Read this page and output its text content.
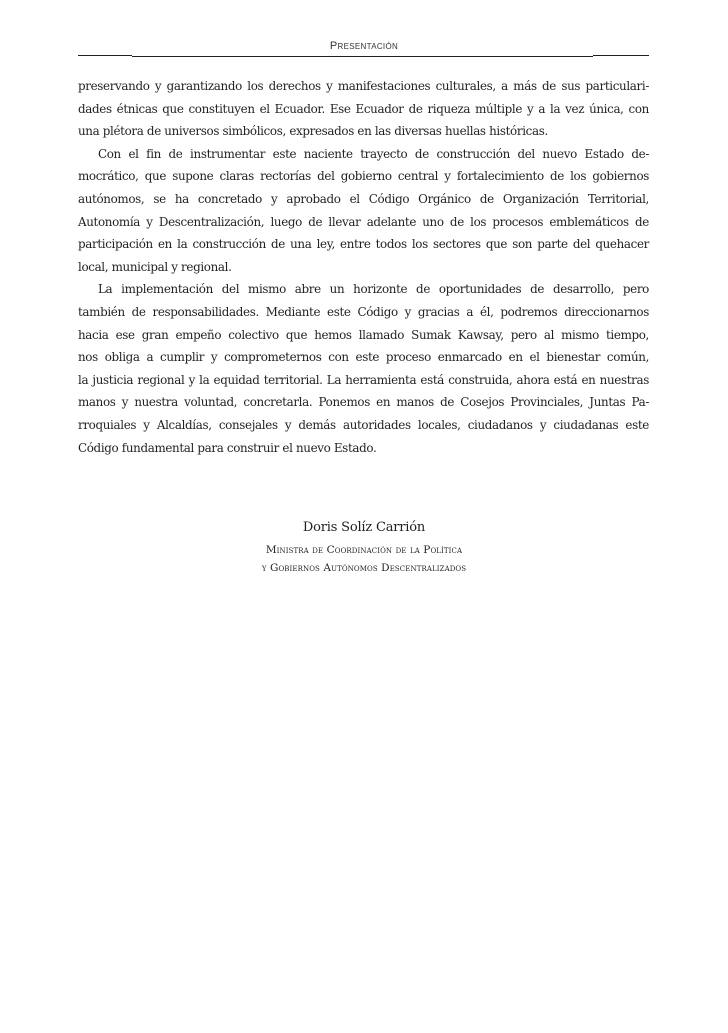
Presentación
preservando y garantizando los derechos y manifestaciones culturales, a más de sus particulari-
dades étnicas que constituyen el Ecuador. Ese Ecuador de riqueza múltiple y a la vez única, con
una plétora de universos simbólicos, expresados en las diversas huellas históricas.
Con el fin de instrumentar este naciente trayecto de construcción del nuevo Estado de-
mocrático, que supone claras rectorías del gobierno central y fortalecimiento de los gobiernos
autónomos, se ha concretado y aprobado el Código Orgánico de Organización Territorial,
Autonomía y Descentralización, luego de llevar adelante uno de los procesos emblemáticos de
participación en la construcción de una ley, entre todos los sectores que son parte del quehacer
local, municipal y regional.
La implementación del mismo abre un horizonte de oportunidades de desarrollo, pero
también de responsabilidades. Mediante este Código y gracias a él, podremos direccionarnos
hacia ese gran empeño colectivo que hemos llamado Sumak Kawsay, pero al mismo tiempo,
nos obliga a cumplir y comprometernos con este proceso enmarcado en el bienestar común,
la justicia regional y la equidad territorial. La herramienta está construida, ahora está en nuestras
manos y nuestra voluntad, concretarla. Ponemos en manos de Cosejos Provinciales, Juntas Pa-
rroquiales y Alcaldías, consejales y demás autoridades locales, ciudadanos y ciudadanas este
Código fundamental para construir el nuevo Estado.
Doris Solíz Carrión
Ministra de Coordinación de la Política
y Gobiernos Autónomos Descentralizados
